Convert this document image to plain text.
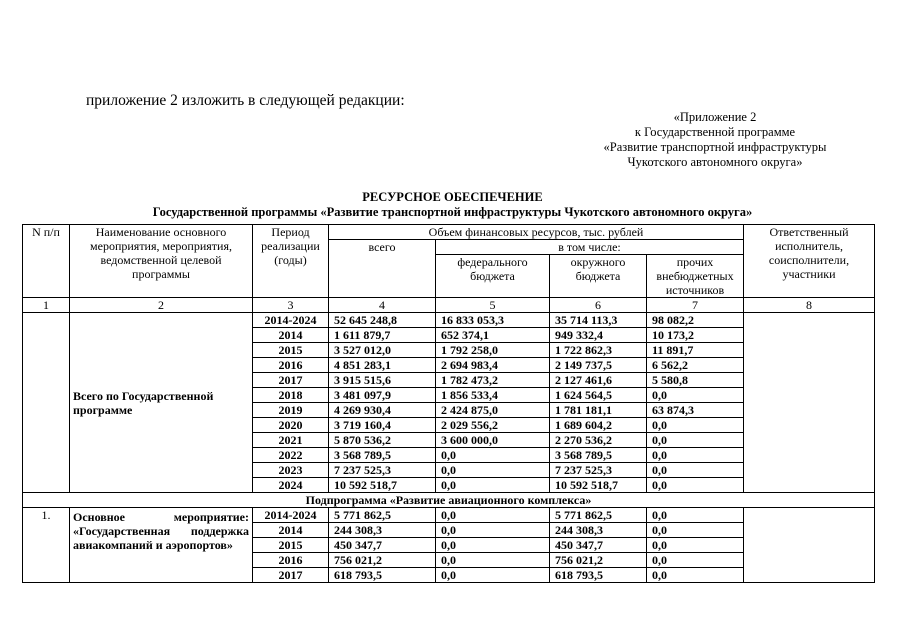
приложение 2 изложить в следующей редакции:
«Приложение 2
к Государственной программе
«Развитие транспортной инфраструктуры
Чукотского автономного округа»
РЕСУРСНОЕ ОБЕСПЕЧЕНИЕ
Государственной программы «Развитие транспортной инфраструктуры Чукотского автономного округа»
N п/п	Наименование основного мероприятия, мероприятия, ведомственной целевой программы	Период реализации (годы)	Объем финансовых ресурсов, тыс. рублей				Ответственный исполнитель, соисполнители, участники
			всего	в том числе:			
				федерального бюджета	окружного бюджета	прочих внебюджетных источников	
1	2	3	4	5	6	7	8
	Всего по Государственной программе	2014-2024	52 645 248,8	16 833 053,3	35 714 113,3	98 082,2	
		2014	1 611 879,7	652 374,1	949 332,4	10 173,2	
		2015	3 527 012,0	1 792 258,0	1 722 862,3	11 891,7	
		2016	4 851 283,1	2 694 983,4	2 149 737,5	6 562,2	
		2017	3 915 515,6	1 782 473,2	2 127 461,6	5 580,8	
		2018	3 481 097,9	1 856 533,4	1 624 564,5	0,0	
		2019	4 269 930,4	2 424 875,0	1 781 181,1	63 874,3	
		2020	3 719 160,4	2 029 556,2	1 689 604,2	0,0	
		2021	5 870 536,2	3 600 000,0	2 270 536,2	0,0	
		2022	3 568 789,5	0,0	3 568 789,5	0,0	
		2023	7 237 525,3	0,0	7 237 525,3	0,0	
		2024	10 592 518,7	0,0	10 592 518,7	0,0	
Подпрограмма «Развитие авиационного комплекса»							
1.	Основное мероприятие: «Государственная поддержка авиакомпаний и аэропортов»	2014-2024	5 771 862,5	0,0	5 771 862,5	0,0	
		2014	244 308,3	0,0	244 308,3	0,0	
		2015	450 347,7	0,0	450 347,7	0,0	
		2016	756 021,2	0,0	756 021,2	0,0	
		2017	618 793,5	0,0	618 793,5	0,0	
